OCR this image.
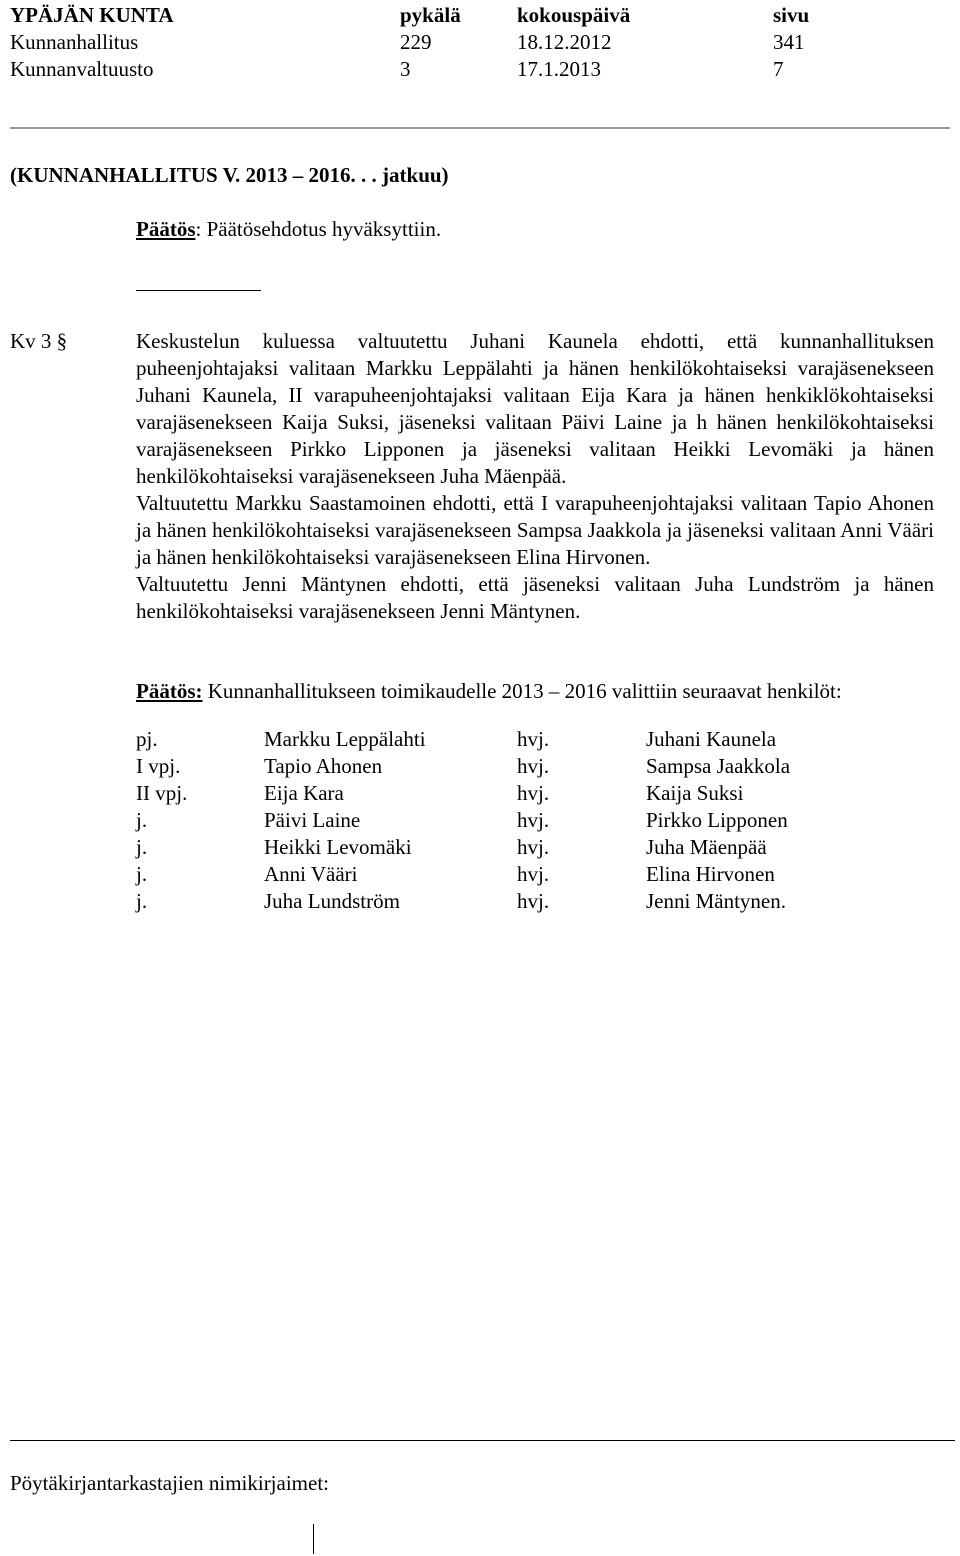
YPÄJÄN KUNTA	pykälä	kokouspäivä	sivu
Kunnanhallitus	229	18.12.2012	341
Kunnanvaltuusto	3	17.1.2013	7
(KUNNANHALLITUS V. 2013 – 2016. . . jatkuu)
Päätös: Päätösehdotus hyväksyttiin.
Kv 3 §	Keskustelun kuluessa valtuutettu Juhani Kaunela ehdotti, että kunnanhallituksen puheenjohtajaksi valitaan Markku Leppälahti ja hänen henkilökohtaiseksi varajäsenekseen Juhani Kaunela, II varapuheenjohtajaksi valitaan Eija Kara ja hänen henkiklökohtaiseksi varajäsenekseen Kaija Suksi, jäseneksi valitaan Päivi Laine ja h hänen henkilökohtaiseksi varajäsenekseen Pirkko Lipponen ja jäseneksi valitaan Heikki Levomäki ja hänen henkilökohtaiseksi varajäsenekseen Juha Mäenpää.

Valtuutettu Markku Saastamoinen ehdotti, että I varapuheenjohtajaksi valitaan Tapio Ahonen ja hänen henkilökohtaiseksi varajäsenekseen Sampsa Jaakkola ja jäseneksi valitaan Anni Vääri ja hänen henkilökohtaiseksi varajäsenekseen Elina Hirvonen.

Valtuutettu Jenni Mäntynen ehdotti, että jäseneksi valitaan Juha Lundström ja hänen henkilökohtaiseksi varajäsenekseen Jenni Mäntynen.

Päätös: Kunnanhallitukseen toimikaudelle 2013 – 2016 valittiin seuraavat henkilöt:
pj.	Markku Leppälahti	hvj.	Juhani Kaunela
I vpj.	Tapio Ahonen	hvj.	Sampsa Jaakkola
II vpj.	Eija Kara	hvj.	Kaija Suksi
j.	Päivi Laine	hvj.	Pirkko Lipponen
j.	Heikki Levomäki	hvj.	Juha Mäenpää
j.	Anni Vääri	hvj.	Elina Hirvonen
j.	Juha Lundström	hvj.	Jenni Mäntynen.
Pöytäkirjantarkastajien nimikirjaimet:
